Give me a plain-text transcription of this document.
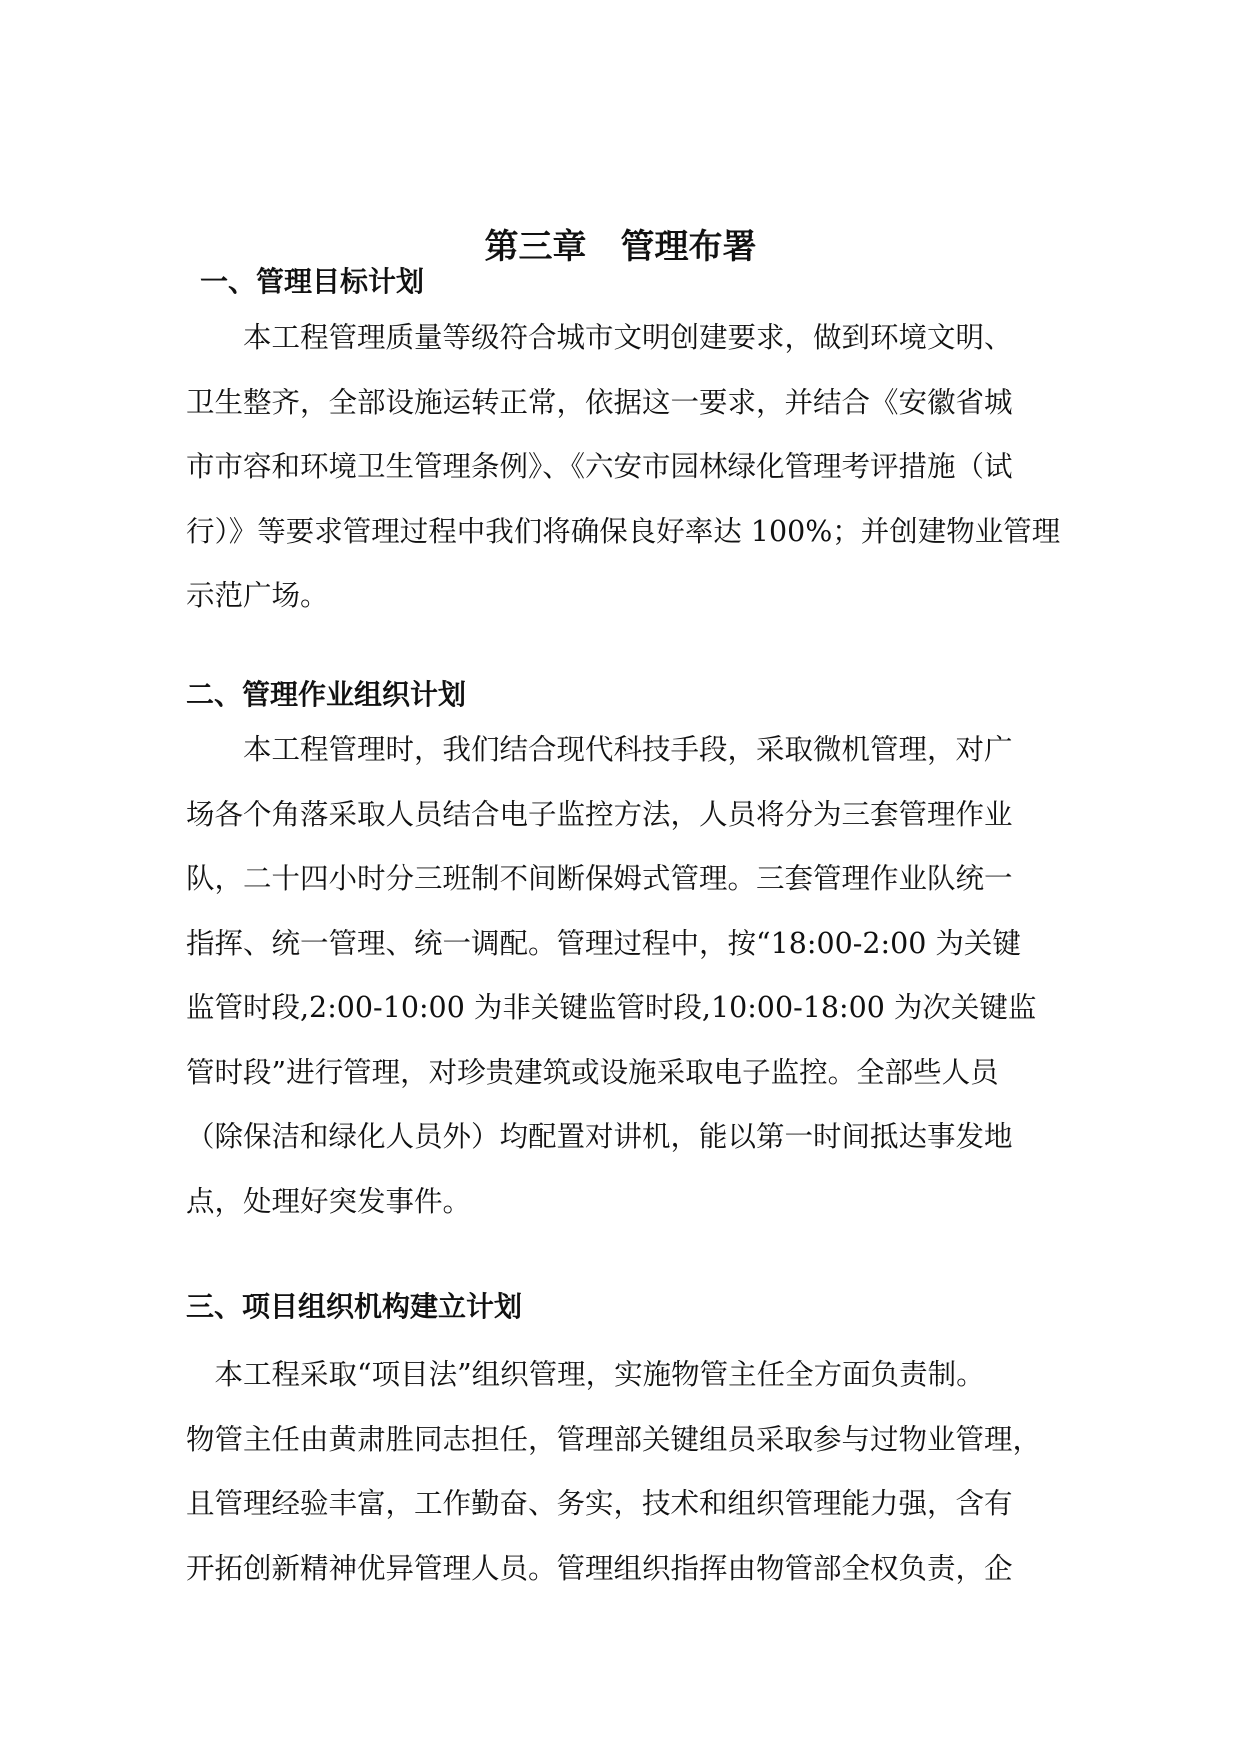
第三章　管理布署
一、管理目标计划
　　本工程管理质量等级符合城市文明创建要求，做到环境文明、
卫生整齐，全部设施运转正常，依据这一要求，并结合《安徽省城
市市容和环境卫生管理条例》、《六安市园林绿化管理考评措施（试
行）》等要求管理过程中我们将确保良好率达 100%；并创建物业管理
示范广场。
二、管理作业组织计划
　　本工程管理时，我们结合现代科技手段，采取微机管理，对广
场各个角落采取人员结合电子监控方法，人员将分为三套管理作业
队，二十四小时分三班制不间断保姆式管理。三套管理作业队统一
指挥、统一管理、统一调配。管理过程中，按“18:00-2:00 为关键
监管时段,2:00-10:00 为非关键监管时段,10:00-18:00 为次关键监
管时段”进行管理，对珍贵建筑或设施采取电子监控。全部些人员
（除保洁和绿化人员外）均配置对讲机，能以第一时间抵达事发地
点，处理好突发事件。
三、项目组织机构建立计划
　本工程采取“项目法”组织管理，实施物管主任全方面负责制。
物管主任由黄肃胜同志担任，管理部关键组员采取参与过物业管理，
且管理经验丰富，工作勤奋、务实，技术和组织管理能力强，含有
开拓创新精神优异管理人员。管理组织指挥由物管部全权负责，企
